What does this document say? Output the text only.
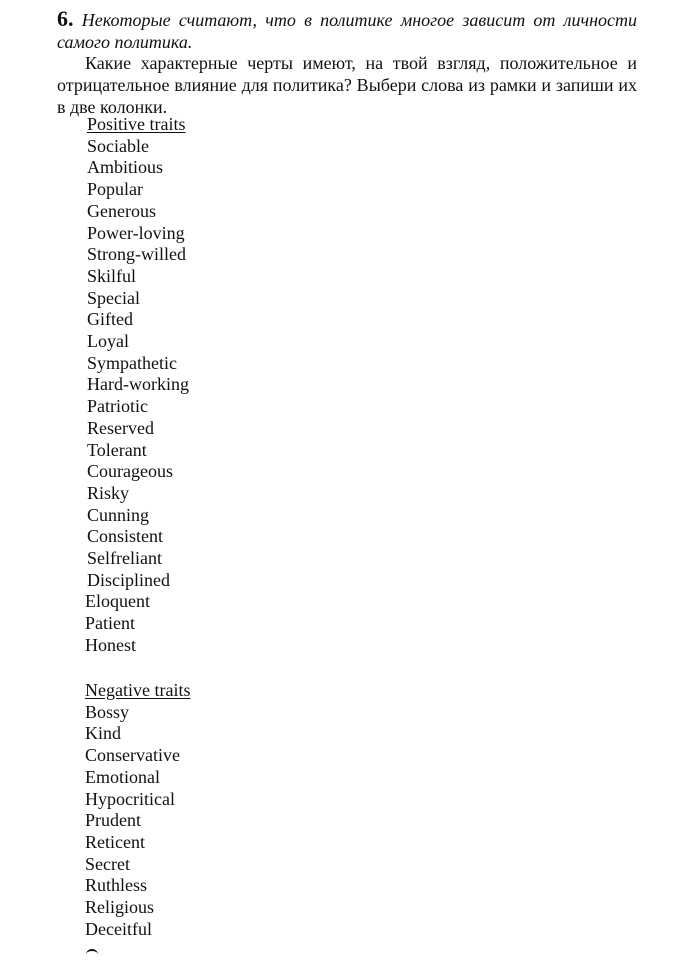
6. Некоторые считают, что в политике многое зависит от личности самого политика.

Какие характерные черты имеют, на твой взгляд, положительное и отрицательное влияние для политика? Выбери слова из рамки и запиши их в две колонки.

Positive traits
Sociable
Ambitious
Popular
Generous
Power-loving
Strong-willed
Skilful
Special
Gifted
Loyal
Sympathetic
Hard-working
Patriotic
Reserved
Tolerant
Courageous
Risky
Cunning
Consistent
Selfreliant
Disciplined
Eloquent
Patient
Honest
Negative traits
Bossy
Kind
Conservative
Emotional
Hypocritical
Prudent
Reticent
Secret
Ruthless
Religious
Deceitful
